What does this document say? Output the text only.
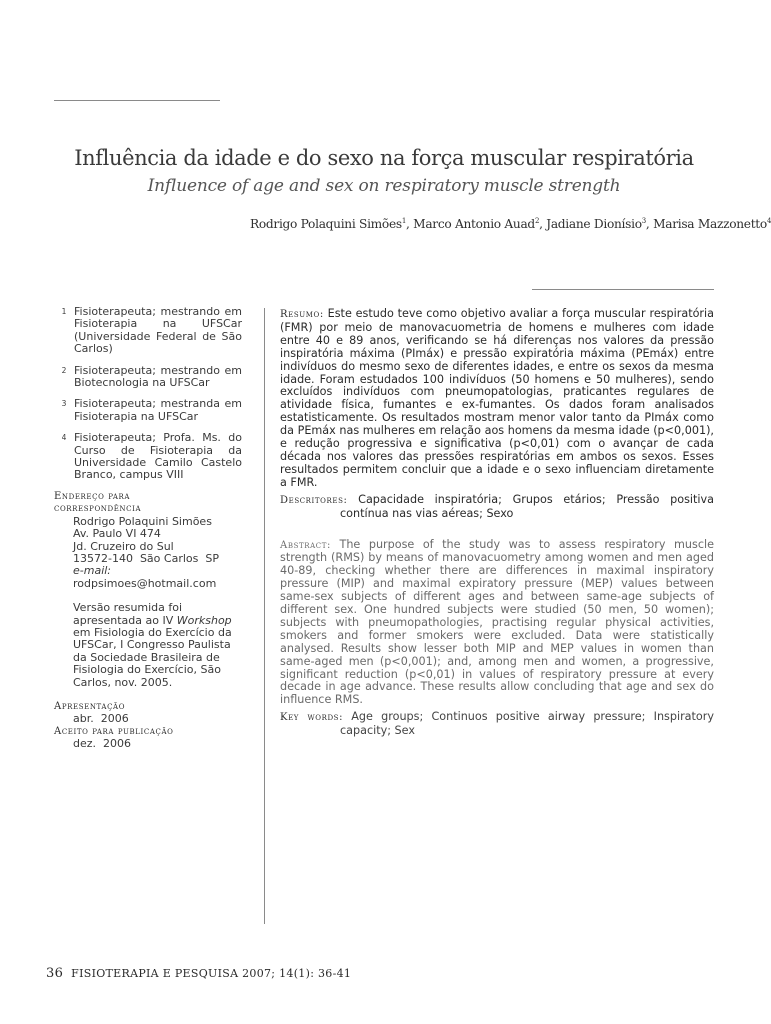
Influência da idade e do sexo na força muscular respiratória
Influence of age and sex on respiratory muscle strength
Rodrigo Polaquini Simões$^1$, Marco Antonio Auad$^2$, Jadiane Dionísio$^3$, Marisa Mazzonetto$^4$
1 Fisioterapeuta; mestrando em Fisioterapia na UFSCar (Universidade Federal de São Carlos)
2 Fisioterapeuta; mestrando em Biotecnologia na UFSCar
3 Fisioterapeuta; mestranda em Fisioterapia na UFSCar
4 Fisioterapeuta; Profa. Ms. do Curso de Fisioterapia da Universidade Camilo Castelo Branco, campus VIII
Endereço para
correspondência
Rodrigo Polaquini Simões
Av. Paulo VI 474
Jd. Cruzeiro do Sul
13572-140  São Carlos  SP
e-mail:
rodpsimoes@hotmail.com
Versão resumida foi apresentada ao IV Workshop em Fisiologia do Exercício da UFSCar, I Congresso Paulista da Sociedade Brasileira de Fisiologia do Exercício, São Carlos, nov. 2005.
Apresentação
abr.  2006
Aceito para publicação
dez.  2006

Resumo: Este estudo teve como objetivo avaliar a força muscular respiratória (FMR) por meio de manovacuometria de homens e mulheres com idade entre 40 e 89 anos, verificando se há diferenças nos valores da pressão inspiratória máxima (PImáx) e pressão expiratória máxima (PEmáx) entre indivíduos do mesmo sexo de diferentes idades, e entre os sexos da mesma idade. Foram estudados 100 indivíduos (50 homens e 50 mulheres), sendo excluídos indivíduos com pneumopatologias, praticantes regulares de atividade física, fumantes e ex-fumantes. Os dados foram analisados estatisticamente. Os resultados mostram menor valor tanto da PImáx como da PEmáx nas mulheres em relação aos homens da mesma idade (p<0,001), e redução progressiva e significativa (p<0,01) com o avançar de cada década nos valores das pressões respiratórias em ambos os sexos. Esses resultados permitem concluir que a idade e o sexo influenciam diretamente a FMR.

Descritores: Capacidade inspiratória; Grupos etários; Pressão positiva contínua nas vias aéreas; Sexo

Abstract: The purpose of the study was to assess respiratory muscle strength (RMS) by means of manovacuometry among women and men aged 40-89, checking whether there are differences in maximal inspiratory pressure (MIP) and maximal expiratory pressure (MEP) values between same-sex subjects of different ages and between same-age subjects of different sex. One hundred subjects were studied (50 men, 50 women); subjects with pneumopathologies, practising regular physical activities, smokers and former smokers were excluded. Data were statistically analysed. Results show lesser both MIP and MEP values in women than same-aged men (p<0,001); and, among men and women, a progressive, significant reduction (p<0,01) in values of respiratory pressure at every decade in age advance. These results allow concluding that age and sex do influence RMS.

Key words: Age groups; Continuos positive airway pressure; Inspiratory capacity; Sex
36 FISIOTERAPIA E PESQUISA 2007; 14(1): 36-41
